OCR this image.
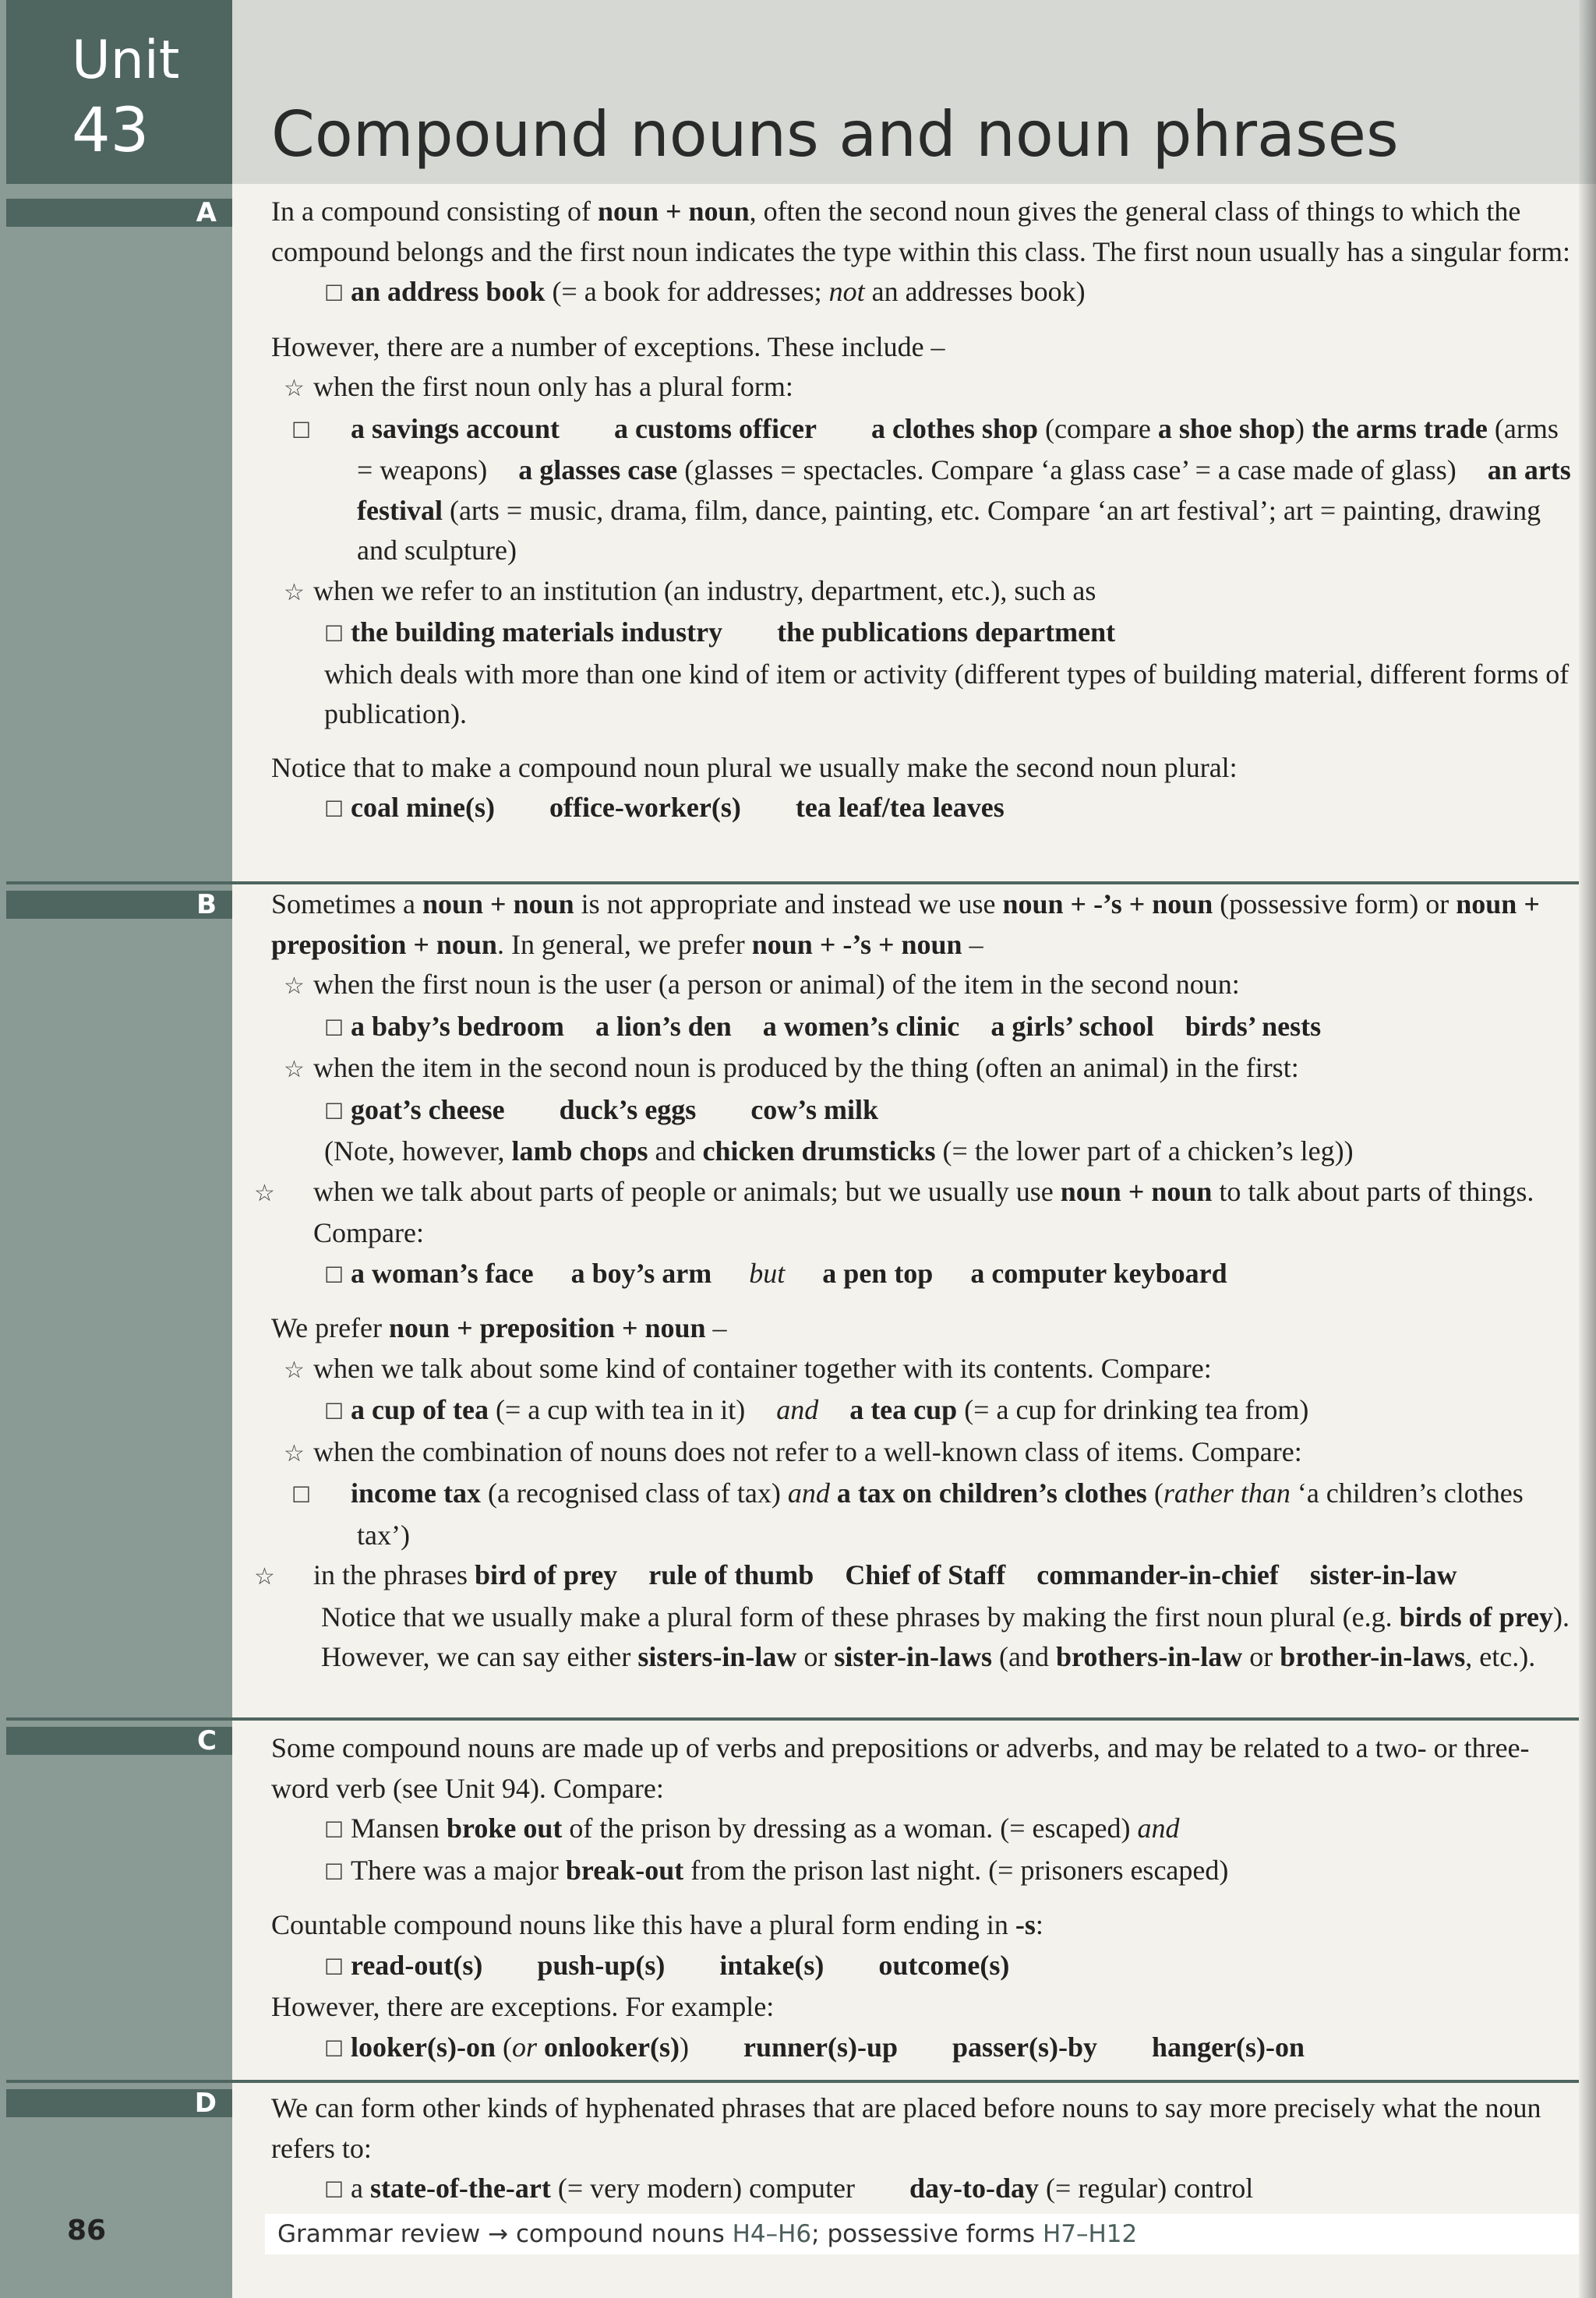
Unit
43 Compound nouns and noun phrases
A
B
C
D

In a compound consisting of noun + noun, often the second noun gives the general class of things to which the compound belongs and the first noun indicates the type within this class. The first noun usually has a singular form:

☐ an address book (= a book for addresses; not an addresses book)

However, there are a number of exceptions. These include –

☆ when the first noun only has a plural form:

☐ a savings account a customs officer a clothes shop (compare a shoe shop) the arms trade (arms = weapons) a glasses case (glasses = spectacles. Compare ‘a glass case’ = a case made of glass) an arts festival (arts = music, drama, film, dance, painting, etc. Compare ‘an art festival’; art = painting, drawing and sculpture)

☆ when we refer to an institution (an industry, department, etc.), such as

☐ the building materials industry the publications department

which deals with more than one kind of item or activity (different types of building material, different forms of publication).

Notice that to make a compound noun plural we usually make the second noun plural:

☐ coal mine(s) office-worker(s) tea leaf/tea leaves

Sometimes a noun + noun is not appropriate and instead we use noun + -’s + noun (possessive form) or noun + preposition + noun. In general, we prefer noun + -’s + noun –

☆ when the first noun is the user (a person or animal) of the item in the second noun:

☐ a baby’s bedroom a lion’s den a women’s clinic a girls’ school birds’ nests

☆ when the item in the second noun is produced by the thing (often an animal) in the first:

☐ goat’s cheese duck’s eggs cow’s milk

(Note, however, lamb chops and chicken drumsticks (= the lower part of a chicken’s leg))

☆ when we talk about parts of people or animals; but we usually use noun + noun to talk about parts of things. Compare:

☐ a woman’s face a boy’s arm but a pen top a computer keyboard

We prefer noun + preposition + noun –

☆ when we talk about some kind of container together with its contents. Compare:

☐ a cup of tea (= a cup with tea in it) and a tea cup (= a cup for drinking tea from)

☆ when the combination of nouns does not refer to a well-known class of items. Compare:

☐ income tax (a recognised class of tax) and a tax on children’s clothes (rather than ‘a children’s clothes tax’)

☆ in the phrases bird of prey rule of thumb Chief of Staff commander-in-chief sister-in-law

Notice that we usually make a plural form of these phrases by making the first noun plural (e.g. birds of prey). However, we can say either sisters-in-law or sister-in-laws (and brothers-in-law or brother-in-laws, etc.).

Some compound nouns are made up of verbs and prepositions or adverbs, and may be related to a two- or three-word verb (see Unit 94). Compare:

☐ Mansen broke out of the prison by dressing as a woman. (= escaped) and

☐ There was a major break-out from the prison last night. (= prisoners escaped)

Countable compound nouns like this have a plural form ending in -s:

☐ read-out(s) push-up(s) intake(s) outcome(s)

However, there are exceptions. For example:

☐ looker(s)-on (or onlooker(s)) runner(s)-up passer(s)-by hanger(s)-on

We can form other kinds of hyphenated phrases that are placed before nouns to say more precisely what the noun refers to:

☐ a state-of-the-art (= very modern) computer day-to-day (= regular) control

86	Grammar review → compound nouns H4–H6; possessive forms H7–H12
